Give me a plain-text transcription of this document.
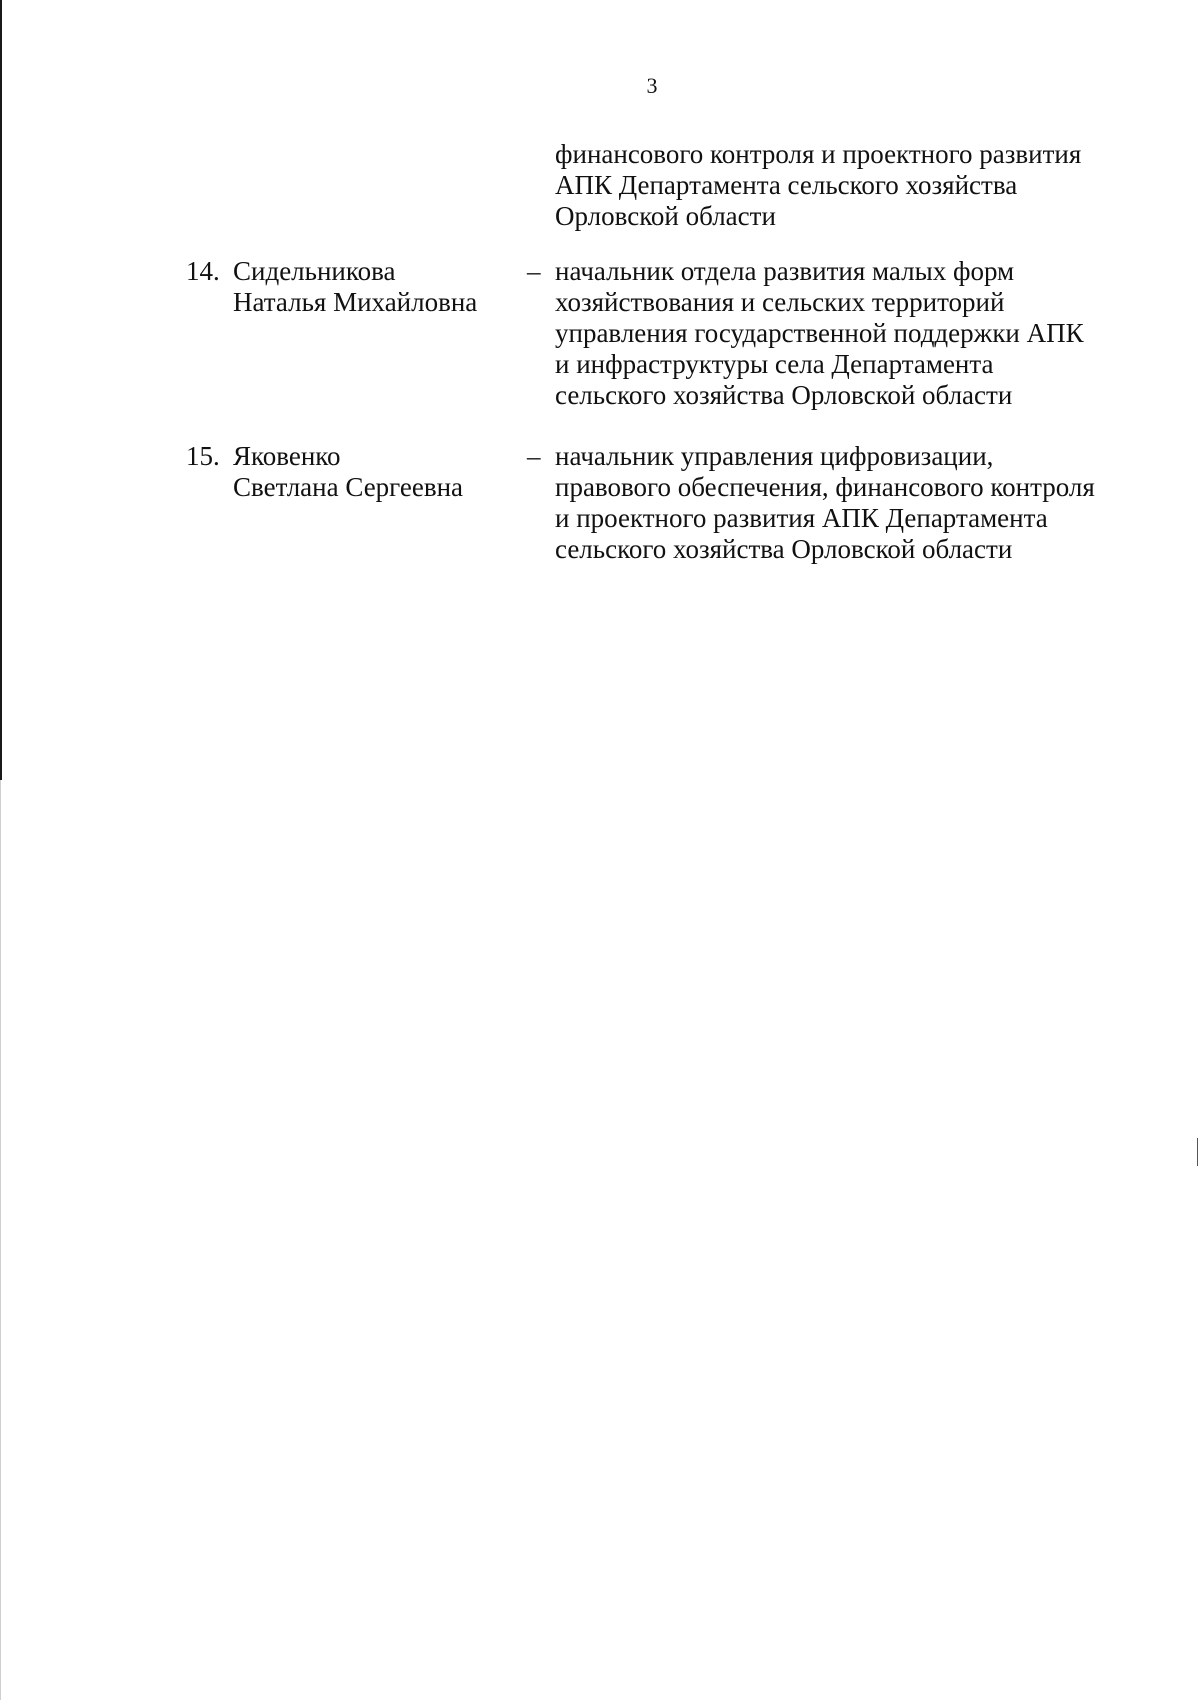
3
финансового контроля и проектного развития
АПК Департамента сельского хозяйства
Орловской области
14. Сидельникова
Наталья Михайловна
– начальник отдела развития малых форм
хозяйствования и сельских территорий
управления государственной поддержки АПК
и инфраструктуры села Департамента
сельского хозяйства Орловской области
15. Яковенко
Светлана Сергеевна
– начальник управления цифровизации,
правового обеспечения, финансового контроля
и проектного развития АПК Департамента
сельского хозяйства Орловской области
